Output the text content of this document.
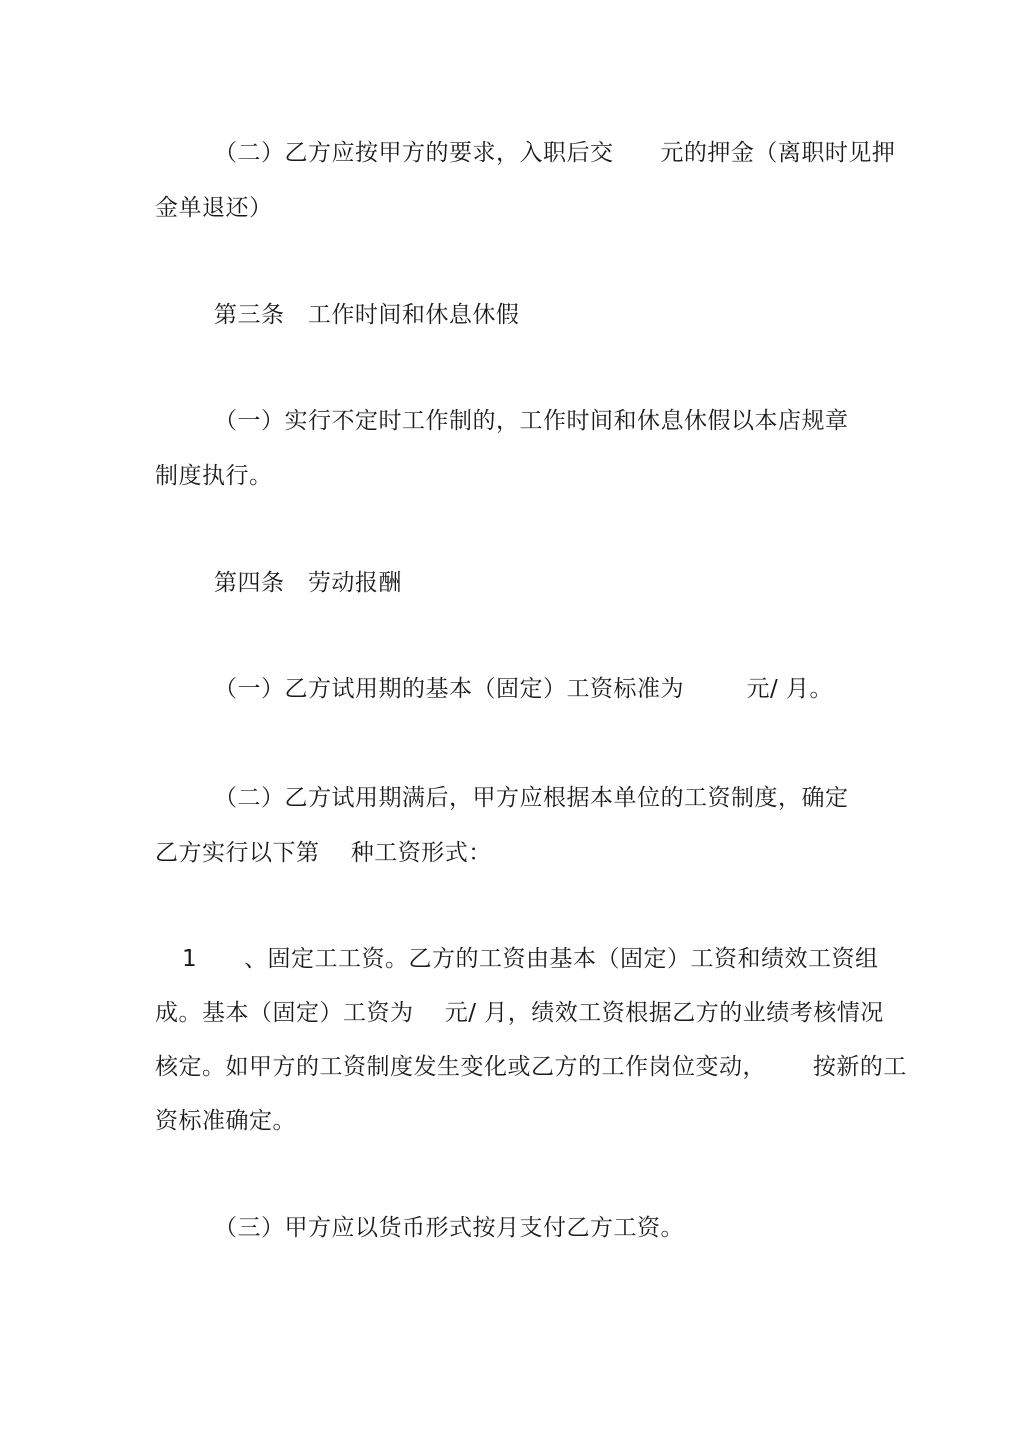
（二）乙方应按甲方的要求，入职后交      元的押金（离职时见押
金单退还）
第三条   工作时间和休息休假
（一）实行不定时工作制的，工作时间和休息休假以本店规章
制度执行。
第四条   劳动报酬
（一）乙方试用期的基本（固定）工资标准为        元/ 月。
（二）乙方试用期满后，甲方应根据本单位的工资制度，确定
乙方实行以下第    种工资形式：
1      、固定工工资。乙方的工资由基本（固定）工资和绩效工资组
成。基本（固定）工资为    元/ 月，绩效工资根据乙方的业绩考核情况
核定。如甲方的工资制度发生变化或乙方的工作岗位变动，      按新的工
资标准确定。
（三）甲方应以货币形式按月支付乙方工资。
